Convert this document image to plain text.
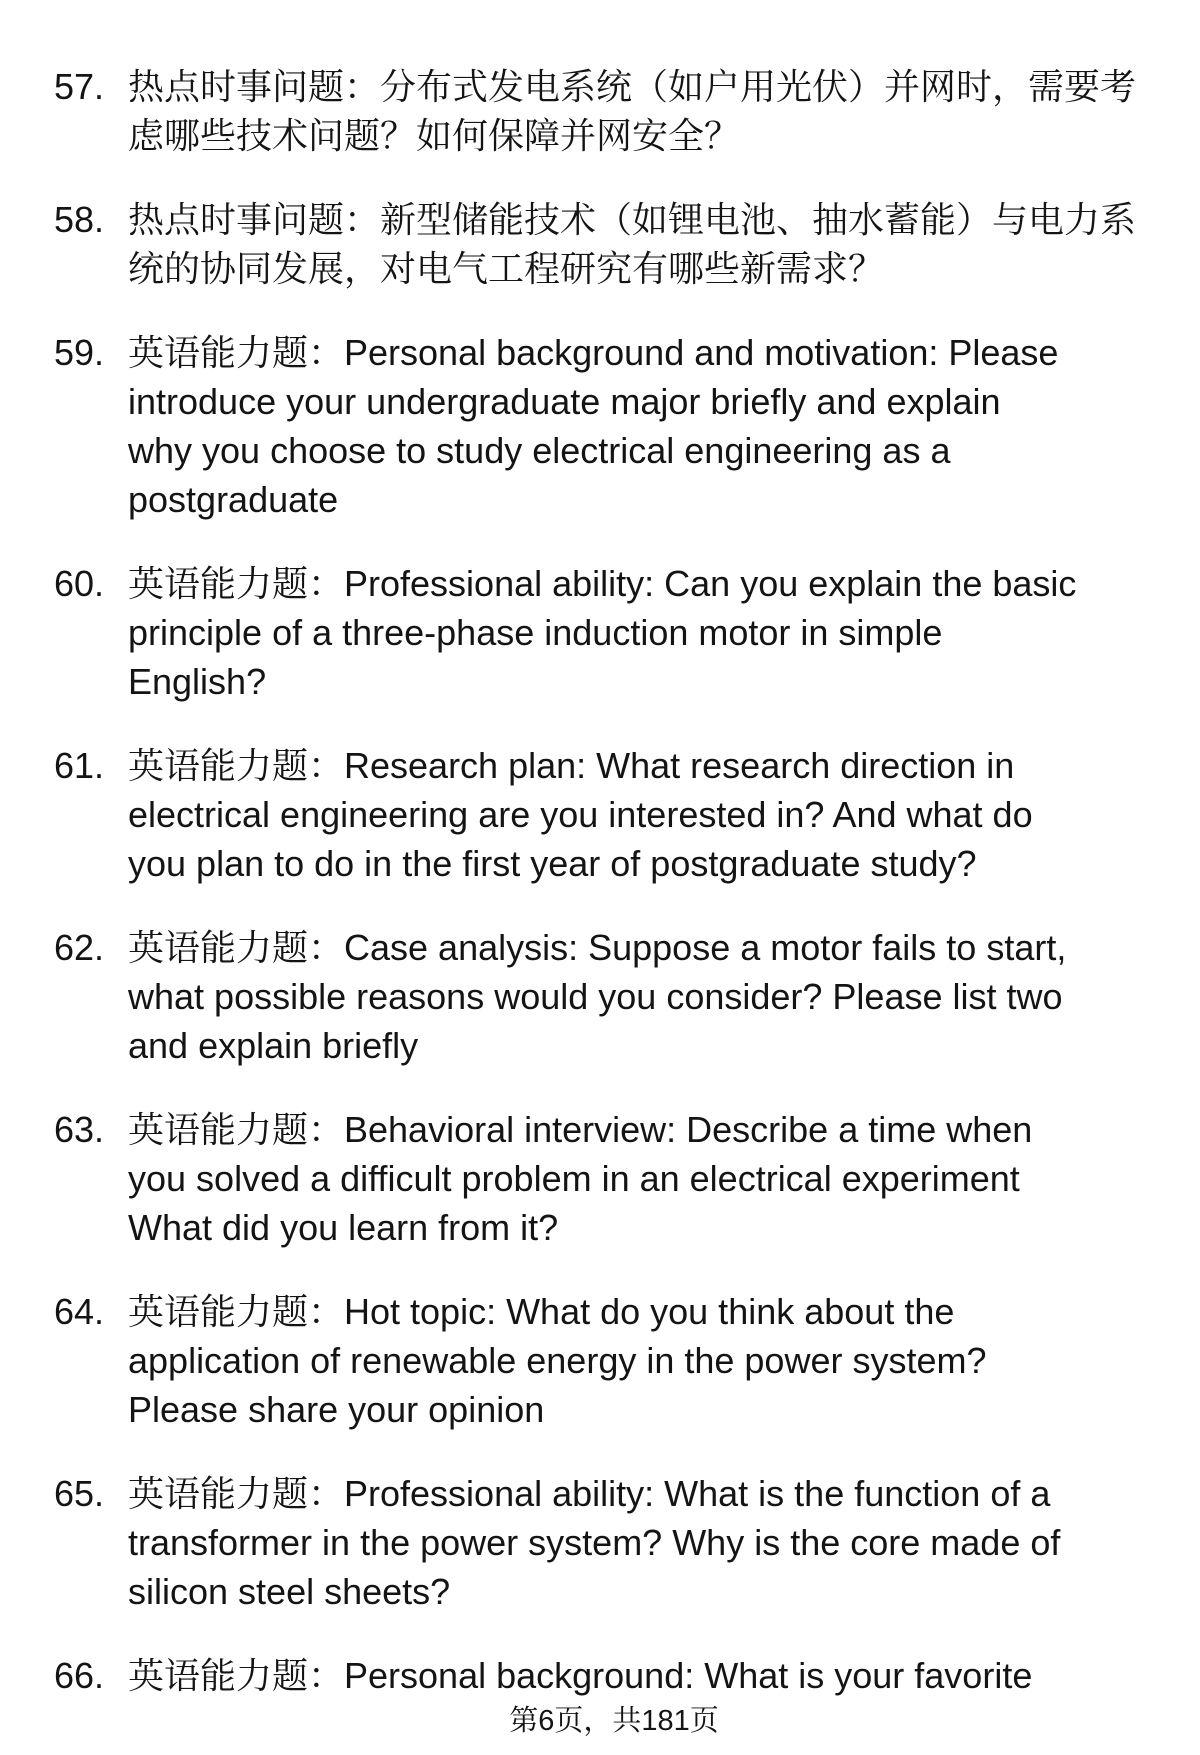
57. 热点时事问题：分布式发电系统（如户用光伏）并网时，需要考
虑哪些技术问题？如何保障并网安全？
58. 热点时事问题：新型储能技术（如锂电池、抽水蓄能）与电力系
统的协同发展，对电气工程研究有哪些新需求？
59. 英语能力题：Personal background and motivation: Please
introduce your undergraduate major briefly and explain
why you choose to study electrical engineering as a
postgraduate
60. 英语能力题：Professional ability: Can you explain the basic
principle of a three-phase induction motor in simple
English?
61. 英语能力题：Research plan: What research direction in
electrical engineering are you interested in? And what do
you plan to do in the first year of postgraduate study?
62. 英语能力题：Case analysis: Suppose a motor fails to start,
what possible reasons would you consider? Please list two
and explain briefly
63. 英语能力题：Behavioral interview: Describe a time when
you solved a difficult problem in an electrical experiment
What did you learn from it?
64. 英语能力题：Hot topic: What do you think about the
application of renewable energy in the power system?
Please share your opinion
65. 英语能力题：Professional ability: What is the function of a
transformer in the power system? Why is the core made of
silicon steel sheets?
66. 英语能力题：Personal background: What is your favorite
第6页，共181页
